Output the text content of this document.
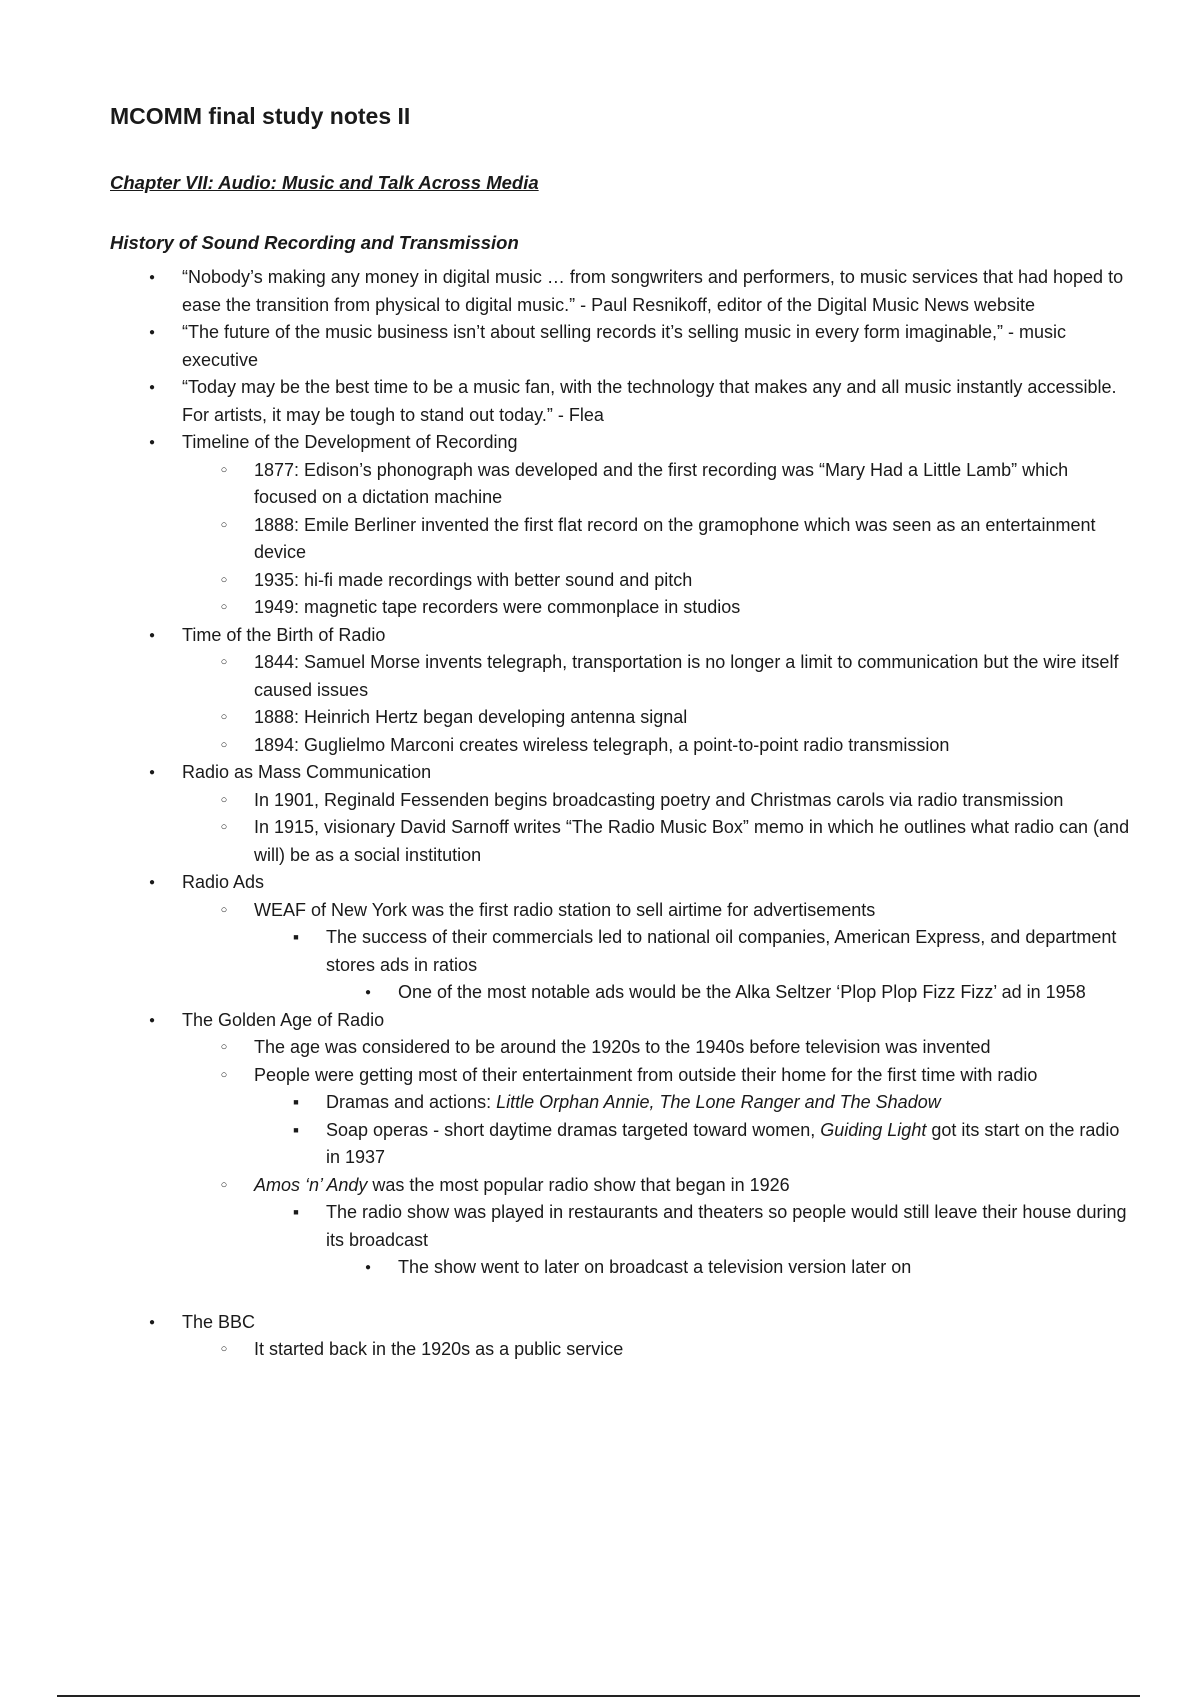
MCOMM final study notes II
Chapter VII: Audio: Music and Talk Across Media
History of Sound Recording and Transmission
●
“Nobody’s making any money in digital music … from songwriters and performers, to music services that had hoped to ease the transition from physical to digital music.” - Paul Resnikoff, editor of the Digital Music News website
●
“The future of the music business isn’t about selling records it’s selling music in every form imaginable,” - music executive
●
“Today may be the best time to be a music fan, with the technology that makes any and all music instantly accessible. For artists, it may be tough to stand out today.” - Flea
●
Timeline of the Development of Recording
○
1877: Edison’s phonograph was developed and the first recording was “Mary Had a Little Lamb” which focused on a dictation machine
○
1888: Emile Berliner invented the first flat record on the gramophone which was seen as an entertainment device
○
1935: hi-fi made recordings with better sound and pitch
○
1949: magnetic tape recorders were commonplace in studios
●
Time of the Birth of Radio
○
1844: Samuel Morse invents telegraph, transportation is no longer a limit to communication but the wire itself caused issues
○
1888: Heinrich Hertz began developing antenna signal
○
1894: Guglielmo Marconi creates wireless telegraph, a point-to-point radio transmission
●
Radio as Mass Communication
○
In 1901, Reginald Fessenden begins broadcasting poetry and Christmas carols via radio transmission
○
In 1915, visionary David Sarnoff writes “The Radio Music Box” memo in which he outlines what radio can (and will) be as a social institution
●
Radio Ads
○
WEAF of New York was the first radio station to sell airtime for advertisements
■
The success of their commercials led to national oil companies, American Express, and department stores ads in ratios
●
One of the most notable ads would be the Alka Seltzer ‘Plop Plop Fizz Fizz’ ad in 1958
●
The Golden Age of Radio
○
The age was considered to be around the 1920s to the 1940s before television was invented
○
People were getting most of their entertainment from outside their home for the first time with radio
■
Dramas and actions: Little Orphan Annie, The Lone Ranger and The Shadow
■
Soap operas - short daytime dramas targeted toward women, Guiding Light got its start on the radio in 1937
○
Amos ‘n’ Andy was the most popular radio show that began in 1926
■
The radio show was played in restaurants and theaters so people would still leave their house during its broadcast
●
The show went to later on broadcast a television version later on
●
The BBC
○
It started back in the 1920s as a public service
